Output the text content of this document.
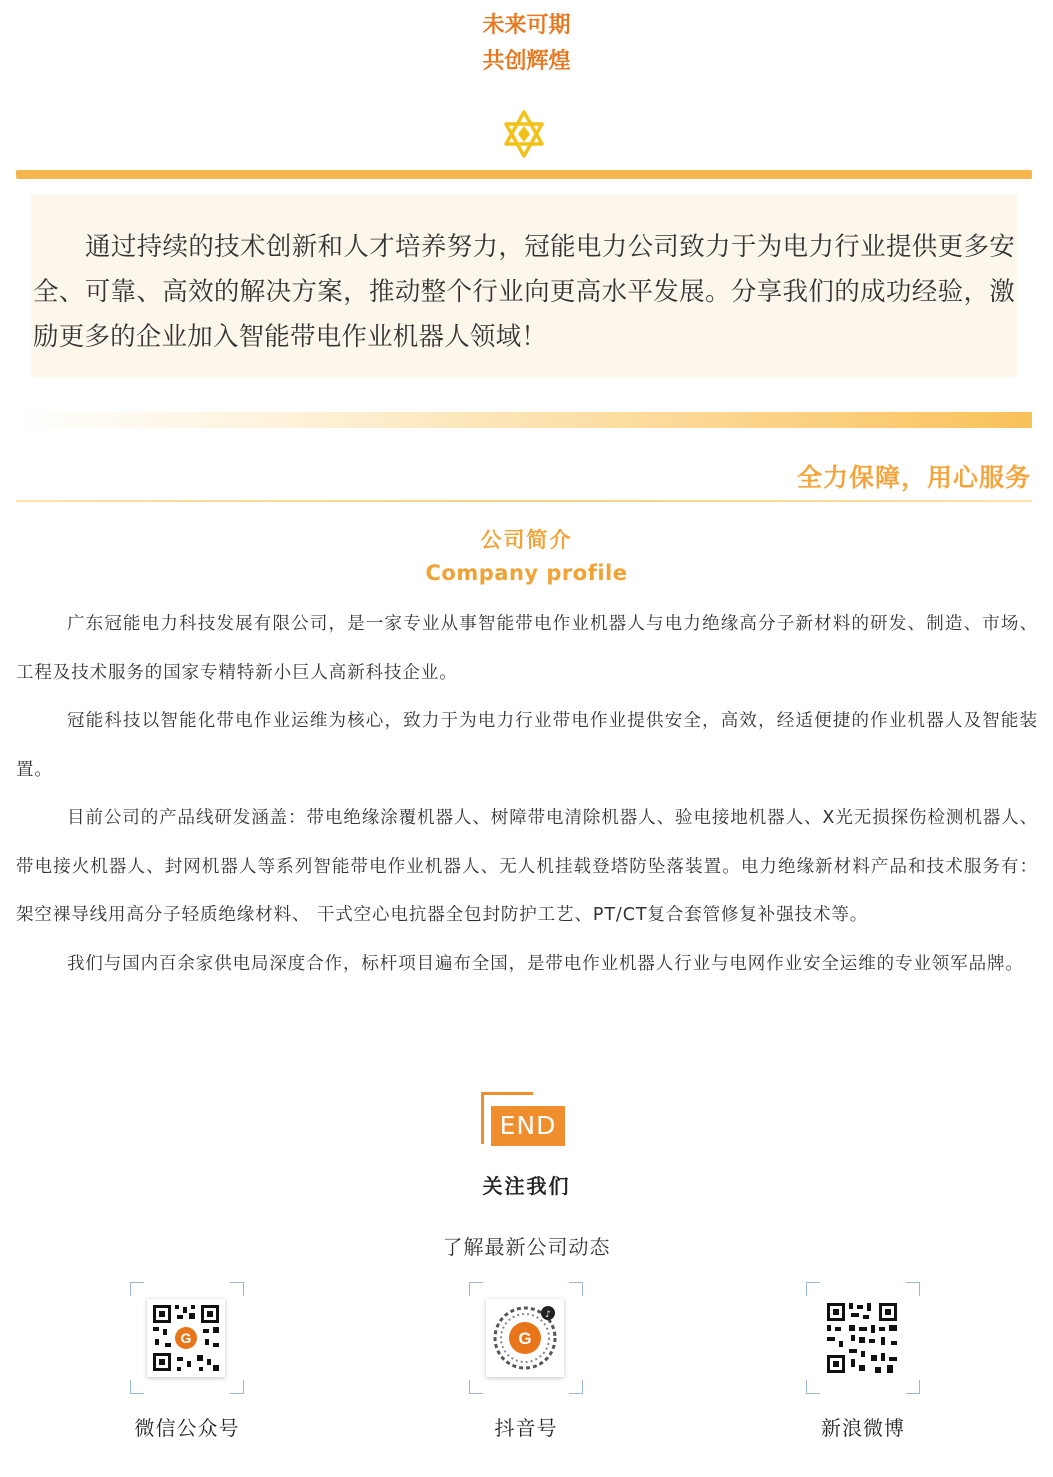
未来可期
共创辉煌

通过持续的技术创新和人才培养努力，冠能电力公司致力于为电力行业提供更多安全、可靠、高效的解决方案，推动整个行业向更高水平发展。分享我们的成功经验，激励更多的企业加入智能带电作业机器人领域！

全力保障，用心服务
公司简介
Company profile

广东冠能电力科技发展有限公司，是一家专业从事智能带电作业机器人与电力绝缘高分子新材料的研发、制造、市场、工程及技术服务的国家专精特新小巨人高新科技企业。

冠能科技以智能化带电作业运维为核心，致力于为电力行业带电作业提供安全，高效，经适便捷的作业机器人及智能装置。

目前公司的产品线研发涵盖：带电绝缘涂覆机器人、树障带电清除机器人、验电接地机器人、X光无损探伤检测机器人、带电接火机器人、封网机器人等系列智能带电作业机器人、无人机挂载登塔防坠落装置。电力绝缘新材料产品和技术服务有：架空裸导线用高分子轻质绝缘材料、 干式空心电抗器全包封防护工艺、PT/CT复合套管修复补强技术等。

我们与国内百余家供电局深度合作，标杆项目遍布全国，是带电作业机器人行业与电网作业安全运维的专业领军品牌。

END
关注我们
了解最新公司动态
G	G
♪
微信公众号	抖音号	新浪微博
